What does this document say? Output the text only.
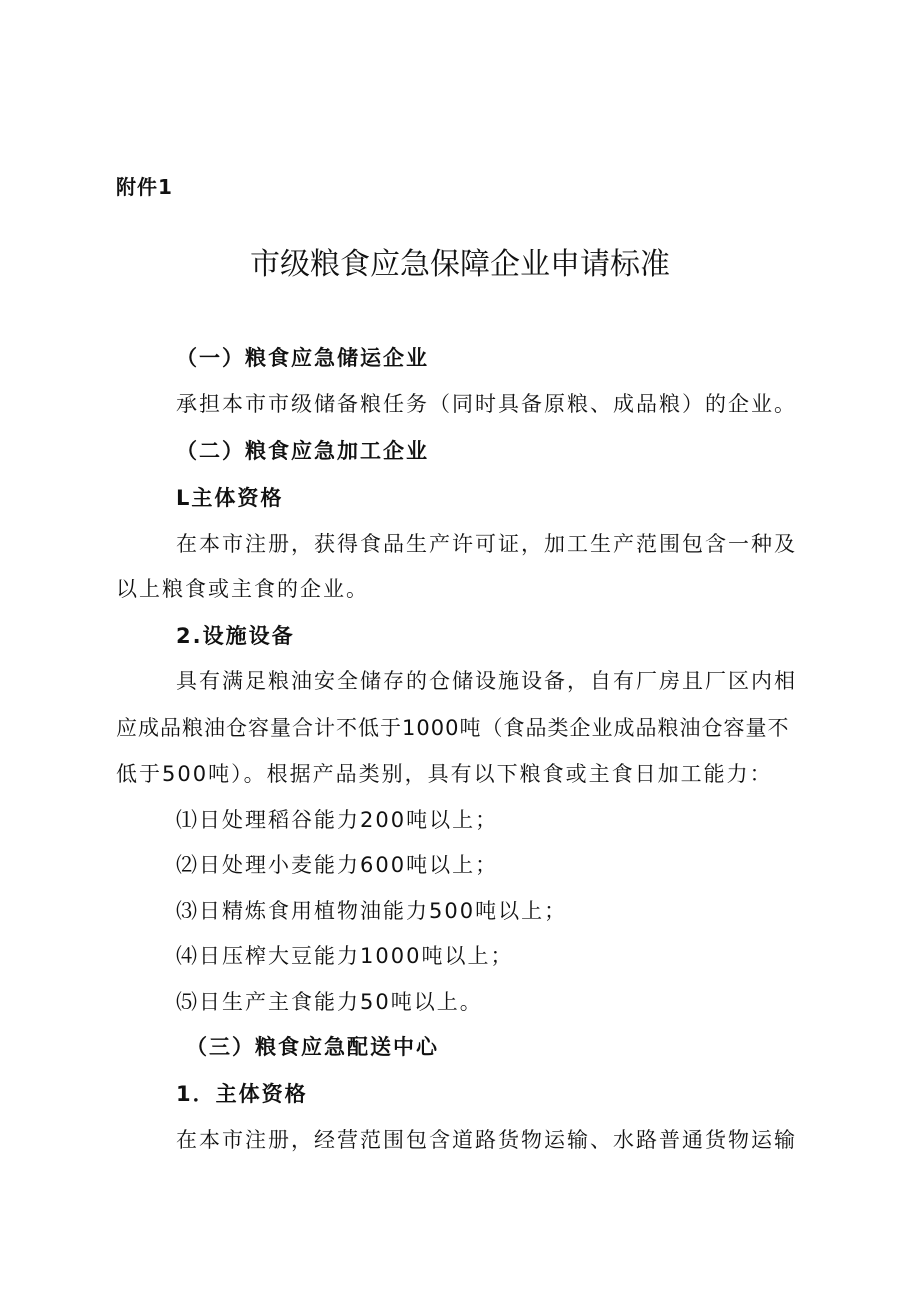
附件1
市级粮食应急保障企业申请标准
（一）粮食应急储运企业
承担本市市级储备粮任务（同时具备原粮、成品粮）的企业。
（二）粮食应急加工企业
L主体资格
在本市注册，获得食品生产许可证，加工生产范围包含一种及
以上粮食或主食的企业。
2.设施设备
具有满足粮油安全储存的仓储设施设备，自有厂房且厂区内相
应成品粮油仓容量合计不低于1000吨（食品类企业成品粮油仓容量不
低于500吨）。根据产品类别，具有以下粮食或主食日加工能力：
⑴日处理稻谷能力200吨以上；
⑵日处理小麦能力600吨以上；
⑶日精炼食用植物油能力500吨以上；
⑷日压榨大豆能力1000吨以上；
⑸日生产主食能力50吨以上。
（三）粮食应急配送中心
1．主体资格
在本市注册，经营范围包含道路货物运输、水路普通货物运输
